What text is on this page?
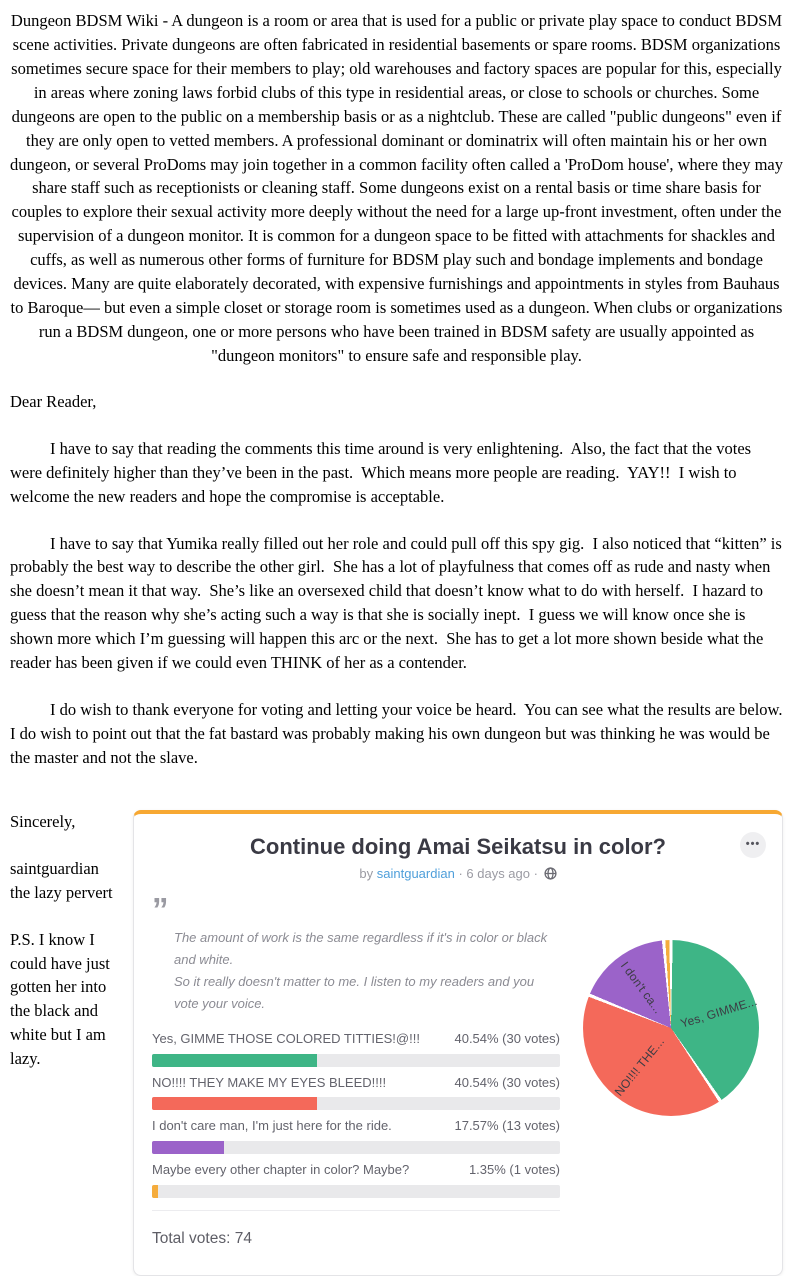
Dungeon BDSM Wiki - A dungeon is a room or area that is used for a public or private play space to conduct BDSM scene activities. Private dungeons are often fabricated in residential basements or spare rooms. BDSM organizations sometimes secure space for their members to play; old warehouses and factory spaces are popular for this, especially in areas where zoning laws forbid clubs of this type in residential areas, or close to schools or churches. Some dungeons are open to the public on a membership basis or as a nightclub. These are called "public dungeons" even if they are only open to vetted members. A professional dominant or dominatrix will often maintain his or her own dungeon, or several ProDoms may join together in a common facility often called a 'ProDom house', where they may share staff such as receptionists or cleaning staff. Some dungeons exist on a rental basis or time share basis for couples to explore their sexual activity more deeply without the need for a large up-front investment, often under the supervision of a dungeon monitor. It is common for a dungeon space to be fitted with attachments for shackles and cuffs, as well as numerous other forms of furniture for BDSM play such and bondage implements and bondage devices. Many are quite elaborately decorated, with expensive furnishings and appointments in styles from Bauhaus to Baroque— but even a simple closet or storage room is sometimes used as a dungeon. When clubs or organizations run a BDSM dungeon, one or more persons who have been trained in BDSM safety are usually appointed as "dungeon monitors" to ensure safe and responsible play.

Dear Reader,

I have to say that reading the comments this time around is very enlightening.  Also, the fact that the votes were definitely higher than they’ve been in the past.  Which means more people are reading.  YAY!!  I wish to welcome the new readers and hope the compromise is acceptable.

I have to say that Yumika really filled out her role and could pull off this spy gig.  I also noticed that “kitten” is probably the best way to describe the other girl.  She has a lot of playfulness that comes off as rude and nasty when she doesn’t mean it that way.  She’s like an oversexed child that doesn’t know what to do with herself.  I hazard to guess that the reason why she’s acting such a way is that she is socially inept.  I guess we will know once she is shown more which I’m guessing will happen this arc or the next.  She has to get a lot more shown beside what the reader has been given if we could even THINK of her as a contender.

I do wish to thank everyone for voting and letting your voice be heard.  You can see what the results are below.  I do wish to point out that the fat bastard was probably making his own dungeon but was thinking he was would be the master and not the slave.

Sincerely,

saintguardian the lazy pervert

P.S. I know I could have just gotten her into the black and white but I am lazy.

•••
Continue doing Amai Seikatsu in color?
by saintguardian · 6 days ago ·
”
The amount of work is the same regardless if it's in color or black and white.
So it really doesn't matter to me. I listen to my readers and you vote your voice.
Yes, GIMME THOSE COLORED TITTIES!@!!!	40.54% (30 votes)
NO!!!! THEY MAKE MY EYES BLEED!!!!	40.54% (30 votes)
I don't care man, I'm just here for the ride.	17.57% (13 votes)
Maybe every other chapter in color? Maybe?	1.35% (1 votes)
Total votes: 74
Yes, GIMME...
NO!!!! THE...
I don't ca...
